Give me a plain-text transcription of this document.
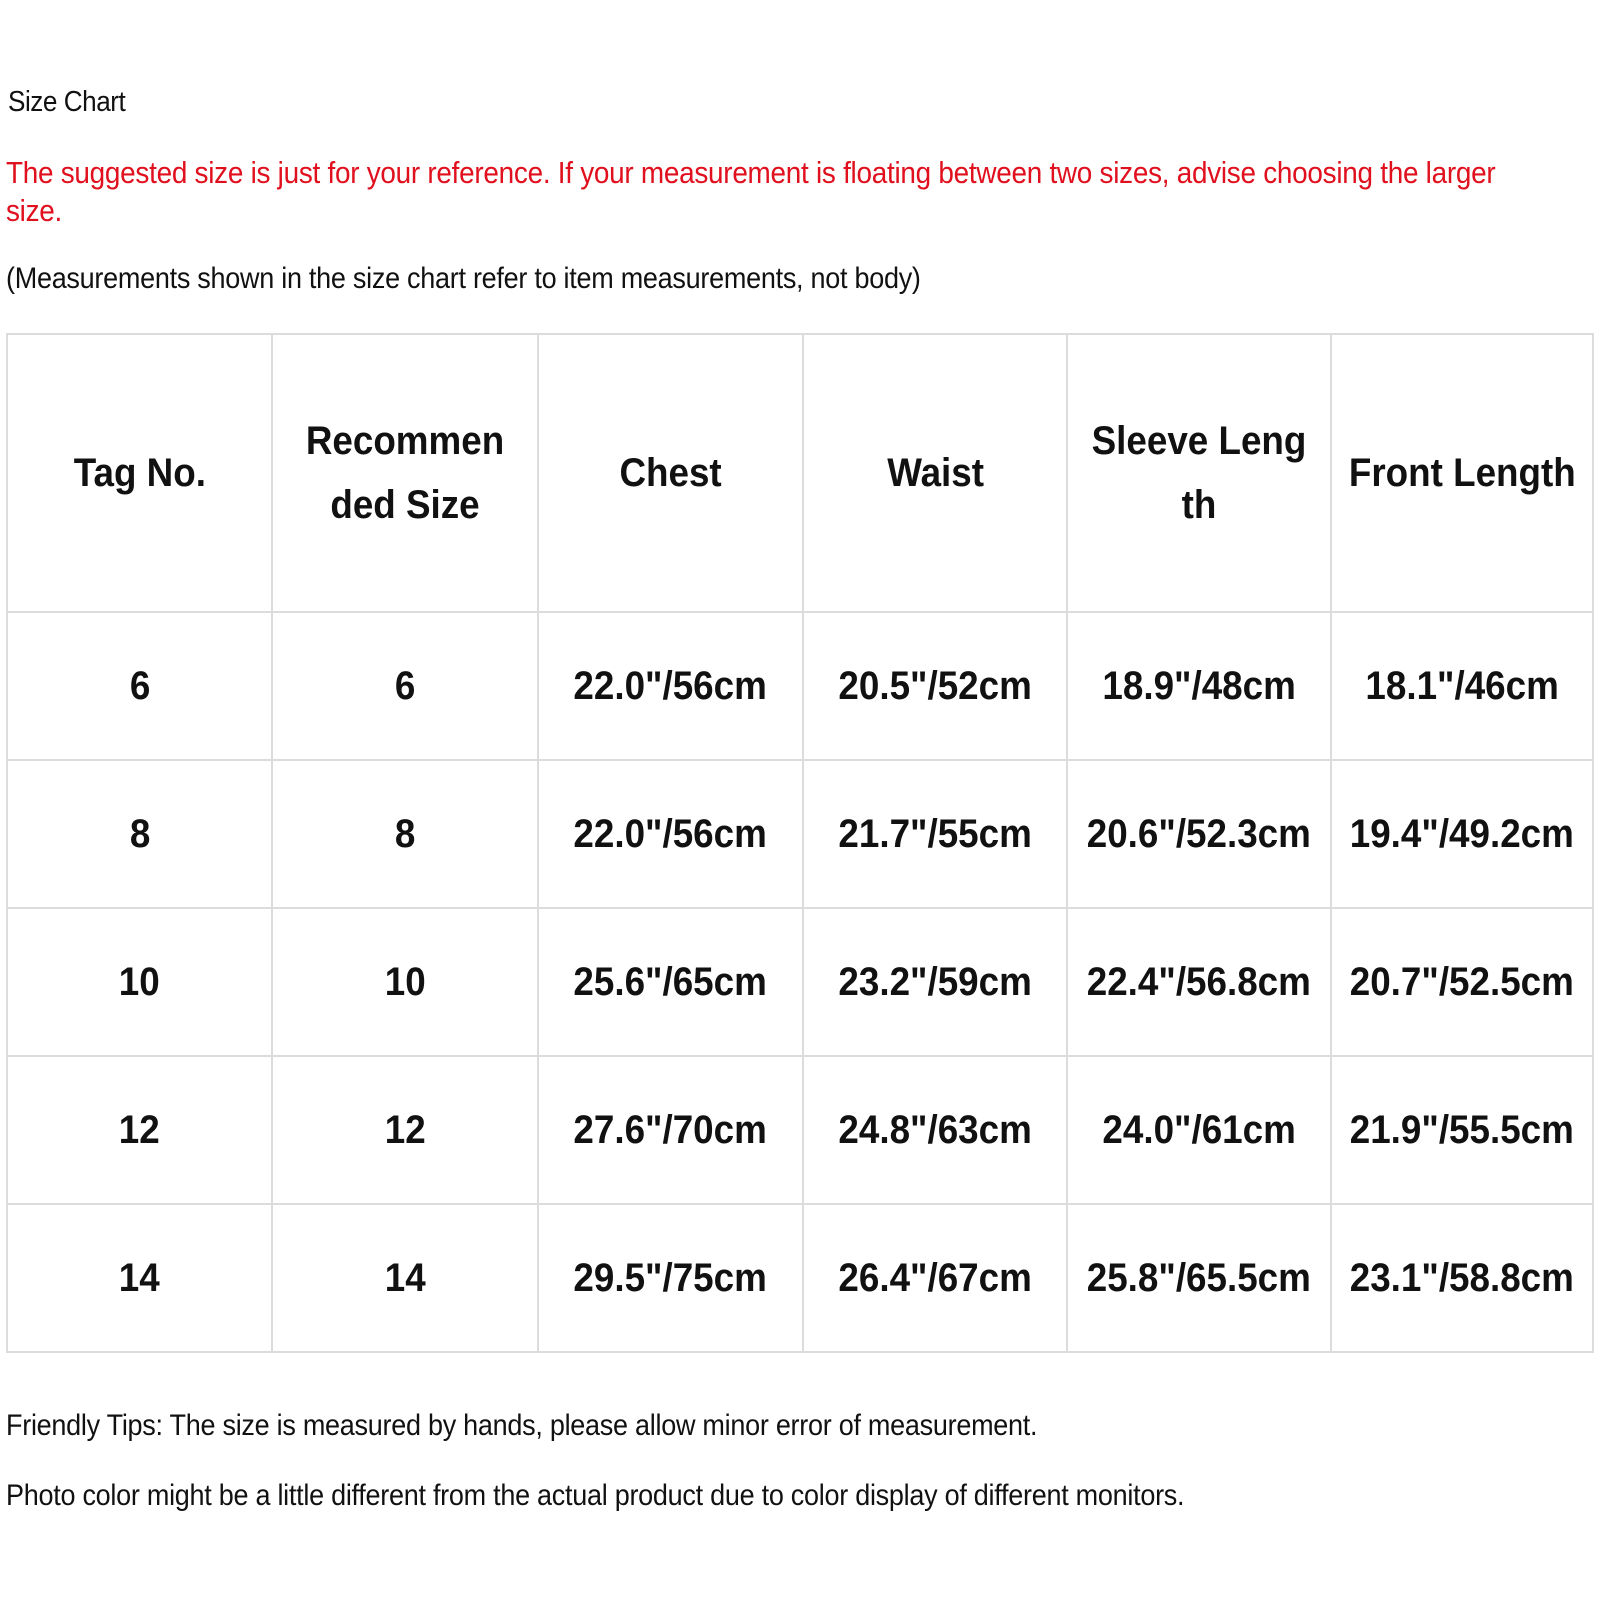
Size Chart
The suggested size is just for your reference. If your measurement is floating between two sizes, advise choosing the larger size.
(Measurements shown in the size chart refer to item measurements, not body)
Tag No.	Recommended Size	Chest	Waist	Sleeve Length	Front Length
6	6	22.0"/56cm	20.5"/52cm	18.9"/48cm	18.1"/46cm
8	8	22.0"/56cm	21.7"/55cm	20.6"/52.3cm	19.4"/49.2cm
10	10	25.6"/65cm	23.2"/59cm	22.4"/56.8cm	20.7"/52.5cm
12	12	27.6"/70cm	24.8"/63cm	24.0"/61cm	21.9"/55.5cm
14	14	29.5"/75cm	26.4"/67cm	25.8"/65.5cm	23.1"/58.8cm
Friendly Tips: The size is measured by hands, please allow minor error of measurement.
Photo color might be a little different from the actual product due to color display of different monitors.
